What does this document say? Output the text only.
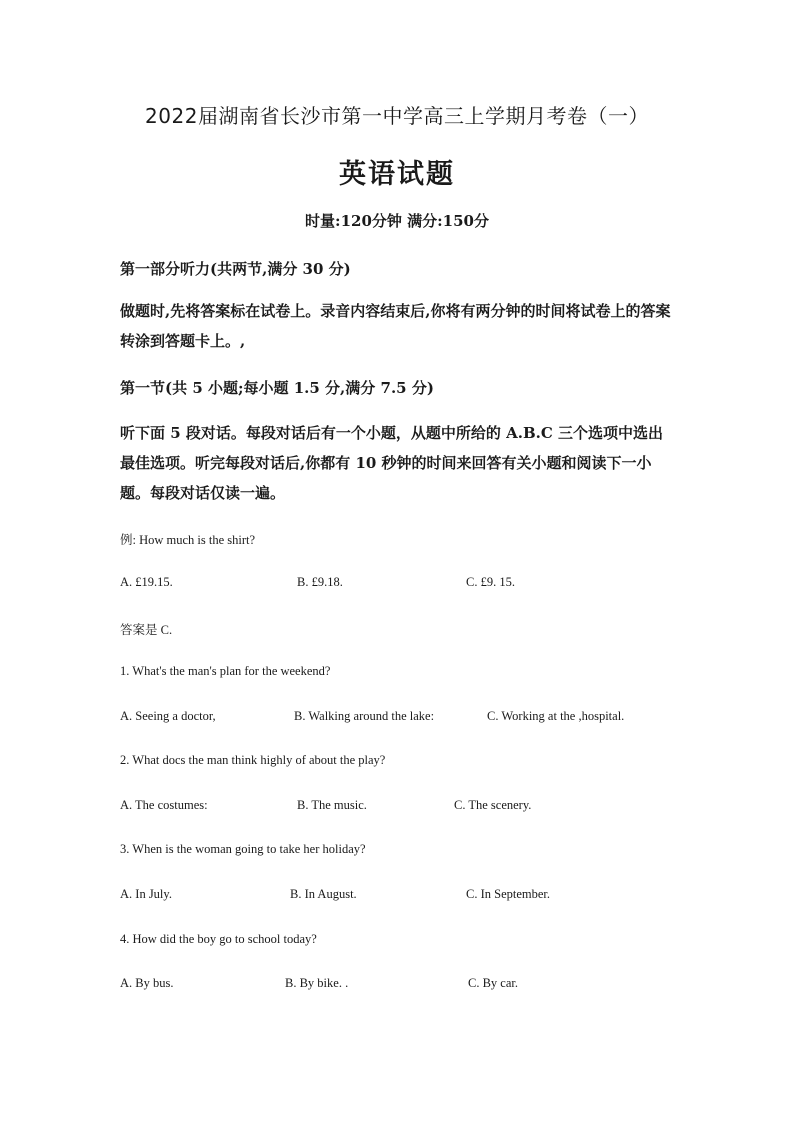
2022届湖南省长沙市第一中学高三上学期月考卷（一）
英语试题
时量:120分钟 满分:150分
第一部分听力(共两节,满分 30 分)
做题时,先将答案标在试卷上。录音内容结束后,你将有两分钟的时间将试卷上的答案转涂到答题卡上。,
第一节(共 5 小题;每小题 1.5 分,满分 7.5 分)
听下面 5 段对话。每段对话后有一个小题，从题中所给的 A.B.C 三个选项中选出最佳选项。听完每段对话后,你都有 10 秒钟的时间来回答有关小题和阅读下一小题。每段对话仅读一遍。
例: How much is the shirt?
A. £19.15.	B. £9.18.	C. £9. 15.
答案是 C.
1. What's the man's plan for the weekend?
A. Seeing a doctor,	B. Walking around the lake:	C. Working at the ,hospital.
2. What docs the man think highly of about the play?
A. The costumes:	B. The music.	C. The scenery.
3. When is the woman going to take her holiday?
A. In July.	B. In August.	C. In September.
4. How did the boy go to school today?
A. By bus.	B. By bike. .	C. By car.
